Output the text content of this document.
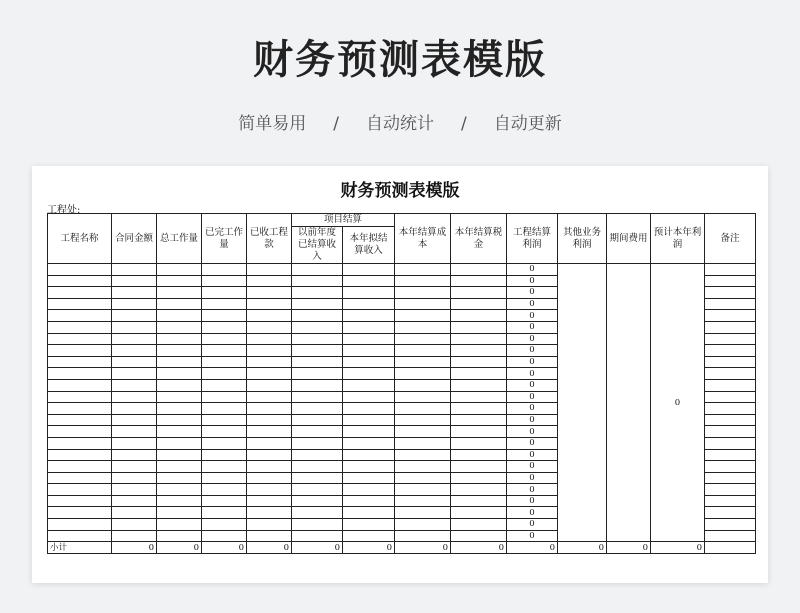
财务预测表模版
简单易用 / 自动统计 / 自动更新
财务预测表模版
工程处:
工程名称	合同金额	总工作量	已完工作量	已收工程款	项目结算		本年结算成本	本年结算税金	工程结算利润	其他业务利润	期间费用	预计本年利润	备注
					以前年度已结算收入	本年拟结算收入							
									0			0	
									0				
									0				
									0				
									0				
									0				
									0				
									0				
									0				
									0				
									0				
									0				
									0				
									0				
									0				
									0				
									0				
									0				
									0				
									0				
									0				
									0				
									0				
									0				
小计	0	0	0	0	0	0	0	0	0	0	0	0	
